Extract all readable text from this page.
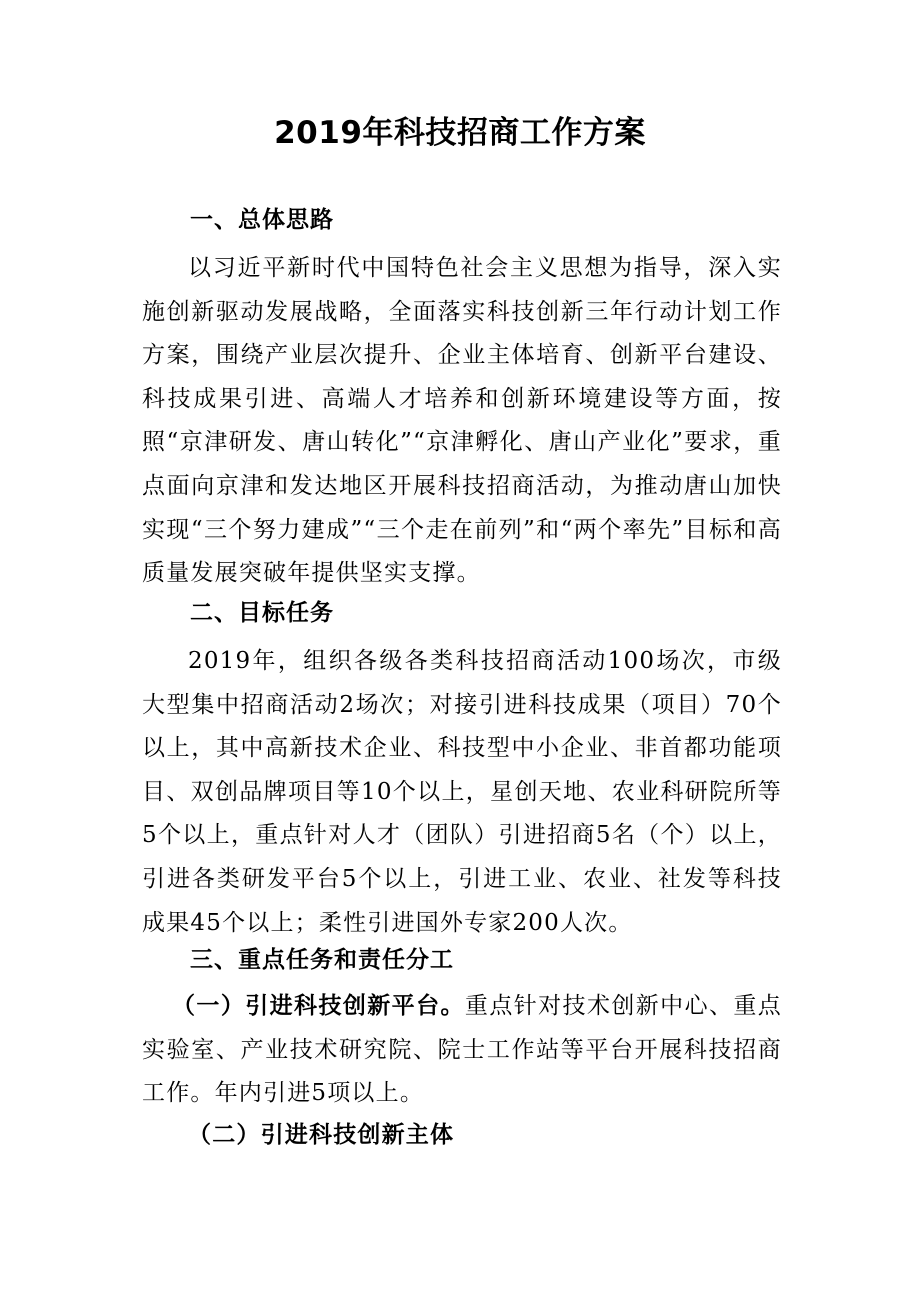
2019年科技招商工作方案
一、总体思路

以习近平新时代中国特色社会主义思想为指导，深入实施创新驱动发展战略，全面落实科技创新三年行动计划工作方案，围绕产业层次提升、企业主体培育、创新平台建设、科技成果引进、高端人才培养和创新环境建设等方面，按照“京津研发、唐山转化”“京津孵化、唐山产业化”要求，重点面向京津和发达地区开展科技招商活动，为推动唐山加快实现“三个努力建成”“三个走在前列”和“两个率先”目标和高质量发展突破年提供坚实支撑。

二、目标任务

2019年，组织各级各类科技招商活动100场次，市级大型集中招商活动2场次；对接引进科技成果（项目）70个以上，其中高新技术企业、科技型中小企业、非首都功能项目、双创品牌项目等10个以上，星创天地、农业科研院所等5个以上，重点针对人才（团队）引进招商5名（个）以上，引进各类研发平台5个以上，引进工业、农业、社发等科技成果45个以上；柔性引进国外专家200人次。

三、重点任务和责任分工

（一）引进科技创新平台。重点针对技术创新中心、重点实验室、产业技术研究院、院士工作站等平台开展科技招商工作。年内引进5项以上。

（二）引进科技创新主体
